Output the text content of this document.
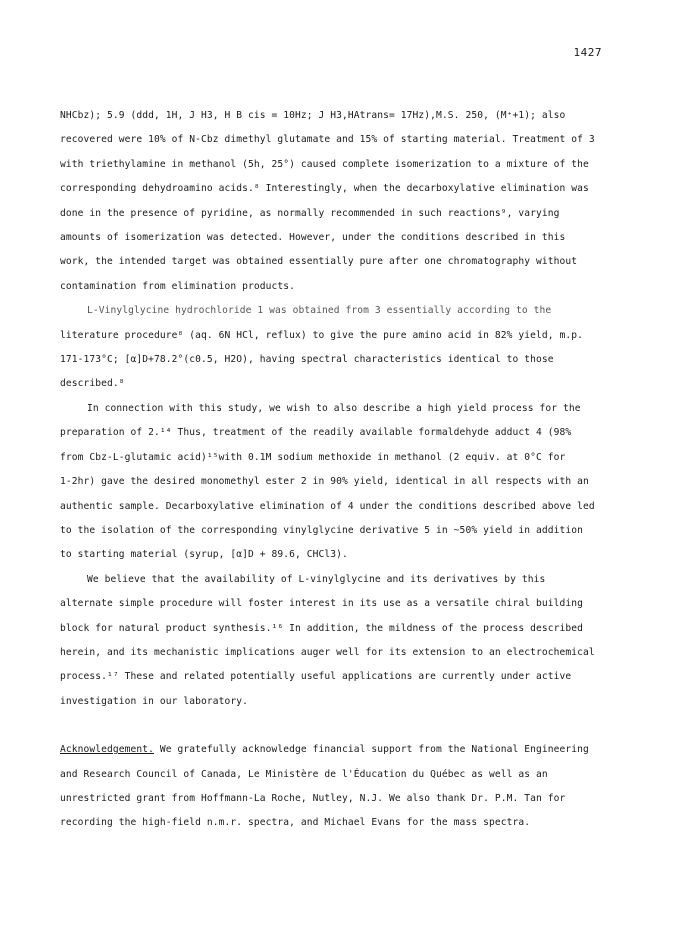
1427
NHCbz); 5.9 (ddd, 1H, J H3, H B cis = 10Hz; J H3,HAtrans= 17Hz),M.S. 250, (M⁺+1); also
recovered were 10% of N-Cbz dimethyl glutamate and 15% of starting material. Treatment of 3
with triethylamine in methanol (5h, 25°) caused complete isomerization to a mixture of the
corresponding dehydroamino acids.⁸ Interestingly, when the decarboxylative elimination was
done in the presence of pyridine, as normally recommended in such reactions⁹, varying
amounts of isomerization was detected. However, under the conditions described in this
work, the intended target was obtained essentially pure after one chromatography without
contamination from elimination products.
L-Vinylglycine hydrochloride 1 was obtained from 3 essentially according to the
literature procedure⁸ (aq. 6N HCl, reflux) to give the pure amino acid in 82% yield, m.p.
171-173°C; [α]D+78.2°(c0.5, H2O), having spectral characteristics identical to those
described.⁸
In connection with this study, we wish to also describe a high yield process for the
preparation of 2.¹⁴ Thus, treatment of the readily available formaldehyde adduct 4 (98%
from Cbz-L-glutamic acid)¹⁵with 0.1M sodium methoxide in methanol (2 equiv. at 0°C for
1-2hr) gave the desired monomethyl ester 2 in 90% yield, identical in all respects with an
authentic sample. Decarboxylative elimination of 4 under the conditions described above led
to the isolation of the corresponding vinylglycine derivative 5 in ~50% yield in addition
to starting material (syrup, [α]D + 89.6, CHCl3).
We believe that the availability of L-vinylglycine and its derivatives by this
alternate simple procedure will foster interest in its use as a versatile chiral building
block for natural product synthesis.¹⁶ In addition, the mildness of the process described
herein, and its mechanistic implications auger well for its extension to an electrochemical
process.¹⁷ These and related potentially useful applications are currently under active
investigation in our laboratory.
Acknowledgement. We gratefully acknowledge financial support from the National Engineering
and Research Council of Canada, Le Ministère de l'Éducation du Québec as well as an
unrestricted grant from Hoffmann-La Roche, Nutley, N.J. We also thank Dr. P.M. Tan for
recording the high-field n.m.r. spectra, and Michael Evans for the mass spectra.
